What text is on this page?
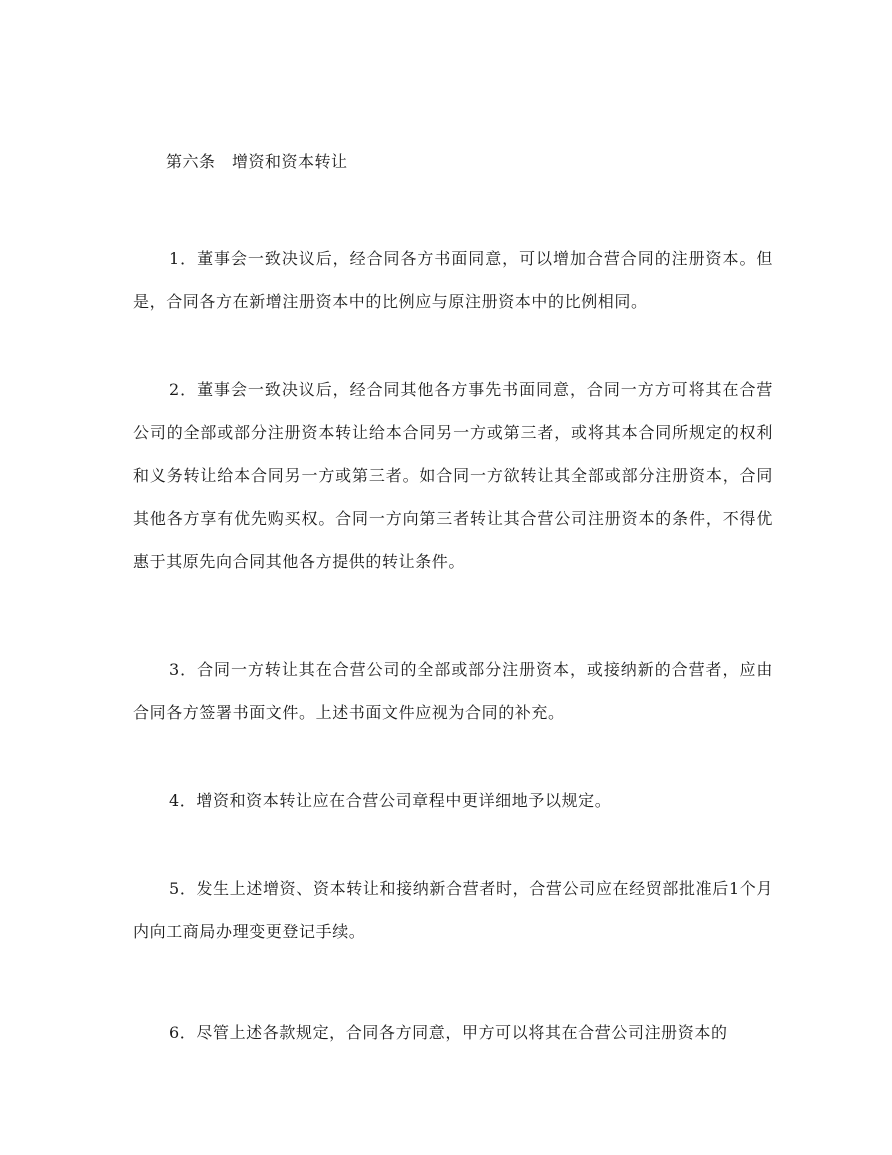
第六条　增资和资本转让

1．董事会一致决议后，经合同各方书面同意，可以增加合营合同的注册资本。但是，合同各方在新增注册资本中的比例应与原注册资本中的比例相同。

2．董事会一致决议后，经合同其他各方事先书面同意，合同一方方可将其在合营公司的全部或部分注册资本转让给本合同另一方或第三者，或将其本合同所规定的权利和义务转让给本合同另一方或第三者。如合同一方欲转让其全部或部分注册资本，合同其他各方享有优先购买权。合同一方向第三者转让其合营公司注册资本的条件，不得优惠于其原先向合同其他各方提供的转让条件。

3．合同一方转让其在合营公司的全部或部分注册资本，或接纳新的合营者，应由合同各方签署书面文件。上述书面文件应视为合同的补充。

4．增资和资本转让应在合营公司章程中更详细地予以规定。

5．发生上述增资、资本转让和接纳新合营者时，合营公司应在经贸部批准后1个月内向工商局办理变更登记手续。

6．尽管上述各款规定，合同各方同意，甲方可以将其在合营公司注册资本的
